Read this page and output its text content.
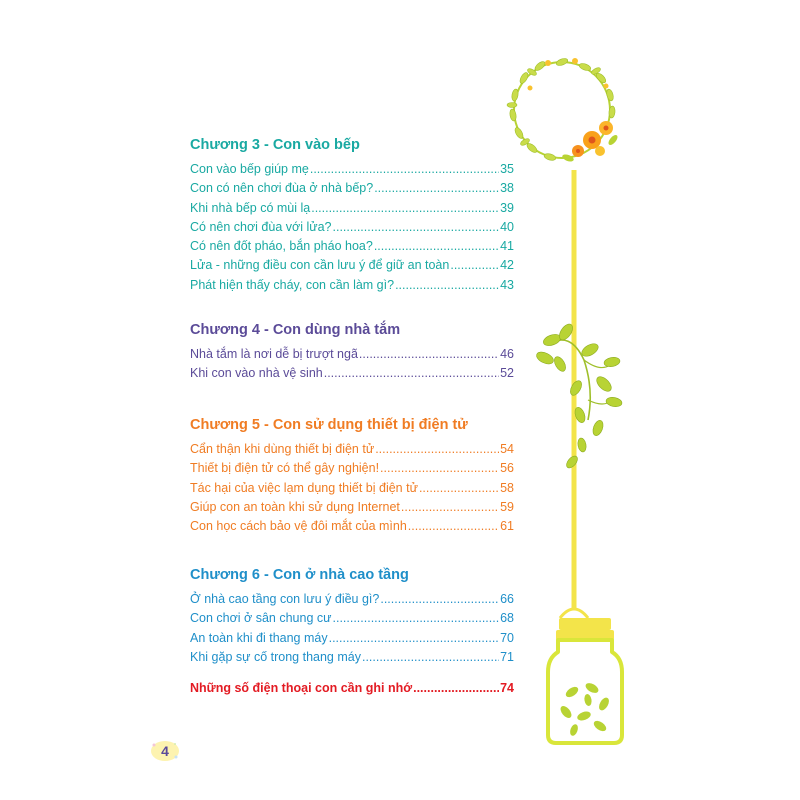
Chương 3 - Con vào bếp
Con vào bếp giúp mẹ .....	35
Con có nên chơi đùa ở nhà bếp? .....	38
Khi nhà bếp có mùi lạ .....	39
Có nên chơi đùa với lửa? .....	40
Có nên đốt pháo, bắn pháo hoa? .....	41
Lửa - những điều con cần lưu ý để giữ an toàn .....	42
Phát hiện thấy cháy, con cần làm gì? .....	43
Chương 4 - Con dùng nhà tắm
Nhà tắm là nơi dễ bị trượt ngã .....	46
Khi con vào nhà vệ sinh .....	52
Chương 5 - Con sử dụng thiết bị điện tử
Cẩn thận khi dùng thiết bị điện tử .....	54
Thiết bị điện tử có thể gây nghiện! .....	56
Tác hại của việc lạm dụng thiết bị điện tử .....	58
Giúp con an toàn khi sử dụng Internet .....	59
Con học cách bảo vệ đôi mắt của mình .....	61
Chương 6 - Con ở nhà cao tầng
Ở nhà cao tầng con lưu ý điều gì? .....	66
Con chơi ở sân chung cư .....	68
An toàn khi đi thang máy .....	70
Khi gặp sự cố trong thang máy .....	71
Những số điện thoại con cần ghi nhớ .....	74
4
